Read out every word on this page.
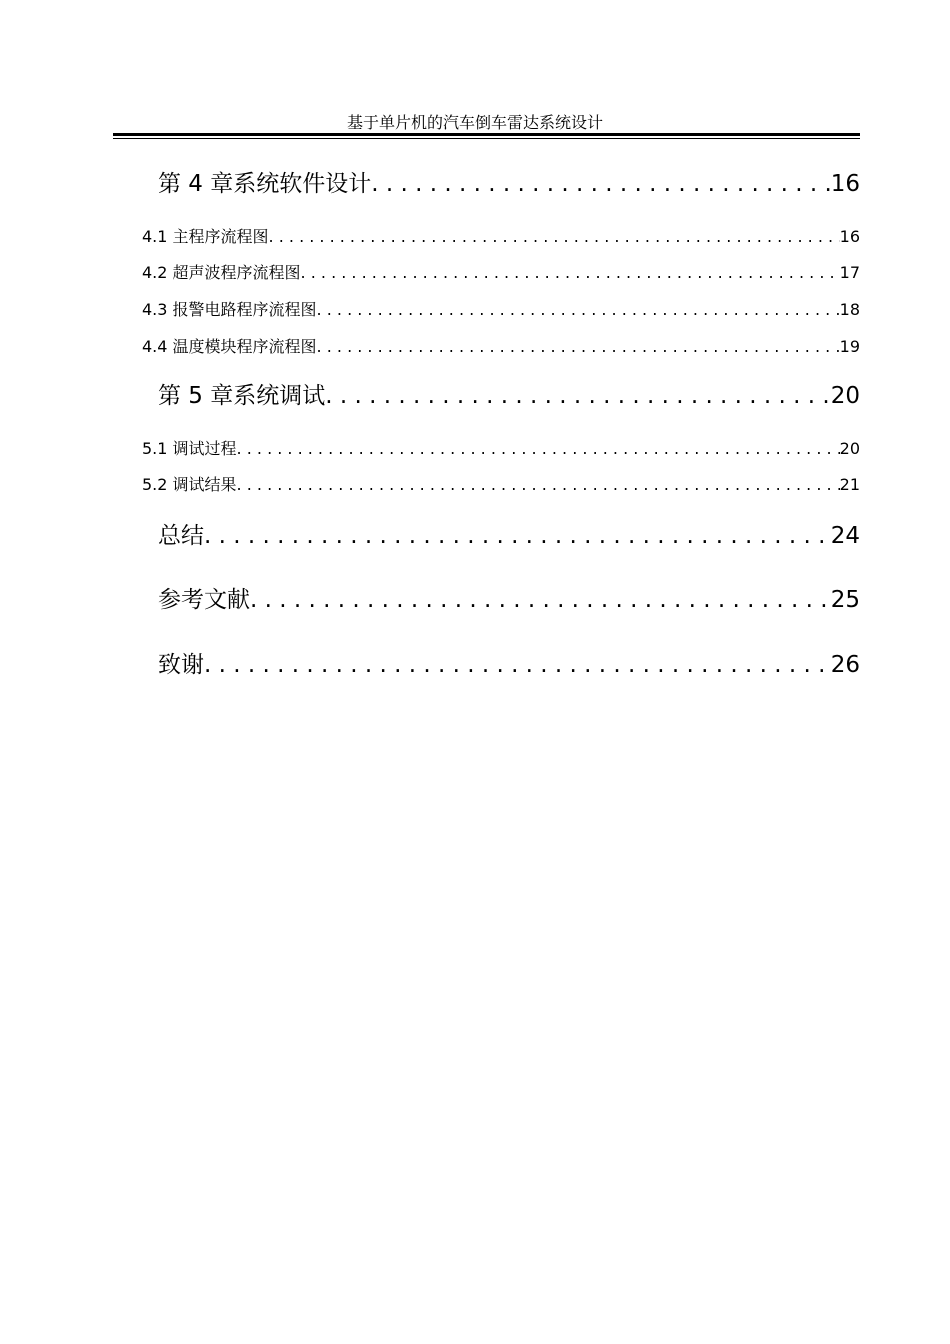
基于单片机的汽车倒车雷达系统设计
第 4 章系统软件设计 . . .	16
4.1 主程序流程图 . . .	16
4.2 超声波程序流程图 . . .	17
4.3 报警电路程序流程图 . . .	18
4.4 温度模块程序流程图 . . .	19
第 5 章系统调试 . . .	20
5.1 调试过程 . . .	20
5.2 调试结果 . . .	21
总结 . . .	24
参考文献 . . .	25
致谢 . . .	26
